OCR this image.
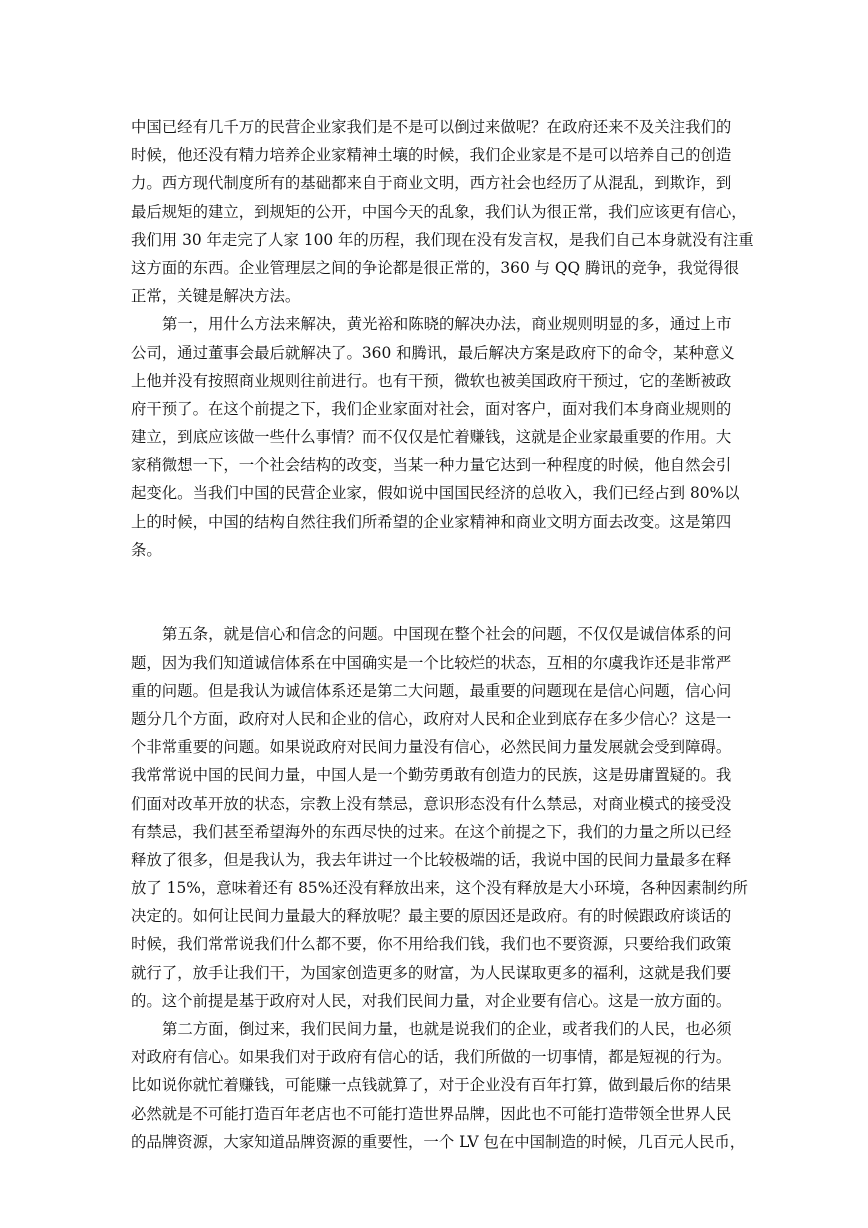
中国已经有几千万的民营企业家我们是不是可以倒过来做呢？在政府还来不及关注我们的
时候，他还没有精力培养企业家精神土壤的时候，我们企业家是不是可以培养自己的创造
力。西方现代制度所有的基础都来自于商业文明，西方社会也经历了从混乱，到欺诈，到
最后规矩的建立，到规矩的公开，中国今天的乱象，我们认为很正常，我们应该更有信心，
我们用 30 年走完了人家 100 年的历程，我们现在没有发言权，是我们自己本身就没有注重
这方面的东西。企业管理层之间的争论都是很正常的，360 与 QQ 腾讯的竞争，我觉得很
正常，关键是解决方法。

第一，用什么方法来解决，黄光裕和陈晓的解决办法，商业规则明显的多，通过上市
公司，通过董事会最后就解决了。360 和腾讯，最后解决方案是政府下的命令，某种意义
上他并没有按照商业规则往前进行。也有干预，微软也被美国政府干预过，它的垄断被政
府干预了。在这个前提之下，我们企业家面对社会，面对客户，面对我们本身商业规则的
建立，到底应该做一些什么事情？而不仅仅是忙着赚钱，这就是企业家最重要的作用。大
家稍微想一下，一个社会结构的改变，当某一种力量它达到一种程度的时候，他自然会引
起变化。当我们中国的民营企业家，假如说中国国民经济的总收入，我们已经占到 80%以
上的时候，中国的结构自然往我们所希望的企业家精神和商业文明方面去改变。这是第四
条。

第五条，就是信心和信念的问题。中国现在整个社会的问题，不仅仅是诚信体系的问
题，因为我们知道诚信体系在中国确实是一个比较烂的状态，互相的尔虞我诈还是非常严
重的问题。但是我认为诚信体系还是第二大问题，最重要的问题现在是信心问题，信心问
题分几个方面，政府对人民和企业的信心，政府对人民和企业到底存在多少信心？这是一
个非常重要的问题。如果说政府对民间力量没有信心，必然民间力量发展就会受到障碍。
我常常说中国的民间力量，中国人是一个勤劳勇敢有创造力的民族，这是毋庸置疑的。我
们面对改革开放的状态，宗教上没有禁忌，意识形态没有什么禁忌，对商业模式的接受没
有禁忌，我们甚至希望海外的东西尽快的过来。在这个前提之下，我们的力量之所以已经
释放了很多，但是我认为，我去年讲过一个比较极端的话，我说中国的民间力量最多在释
放了 15%，意味着还有 85%还没有释放出来，这个没有释放是大小环境，各种因素制约所
决定的。如何让民间力量最大的释放呢？最主要的原因还是政府。有的时候跟政府谈话的
时候，我们常常说我们什么都不要，你不用给我们钱，我们也不要资源，只要给我们政策
就行了，放手让我们干，为国家创造更多的财富，为人民谋取更多的福利，这就是我们要
的。这个前提是基于政府对人民，对我们民间力量，对企业要有信心。这是一放方面的。

第二方面，倒过来，我们民间力量，也就是说我们的企业，或者我们的人民，也必须
对政府有信心。如果我们对于政府有信心的话，我们所做的一切事情，都是短视的行为。
比如说你就忙着赚钱，可能赚一点钱就算了，对于企业没有百年打算，做到最后你的结果
必然就是不可能打造百年老店也不可能打造世界品牌，因此也不可能打造带领全世界人民
的品牌资源，大家知道品牌资源的重要性，一个 LV 包在中国制造的时候，几百元人民币，
